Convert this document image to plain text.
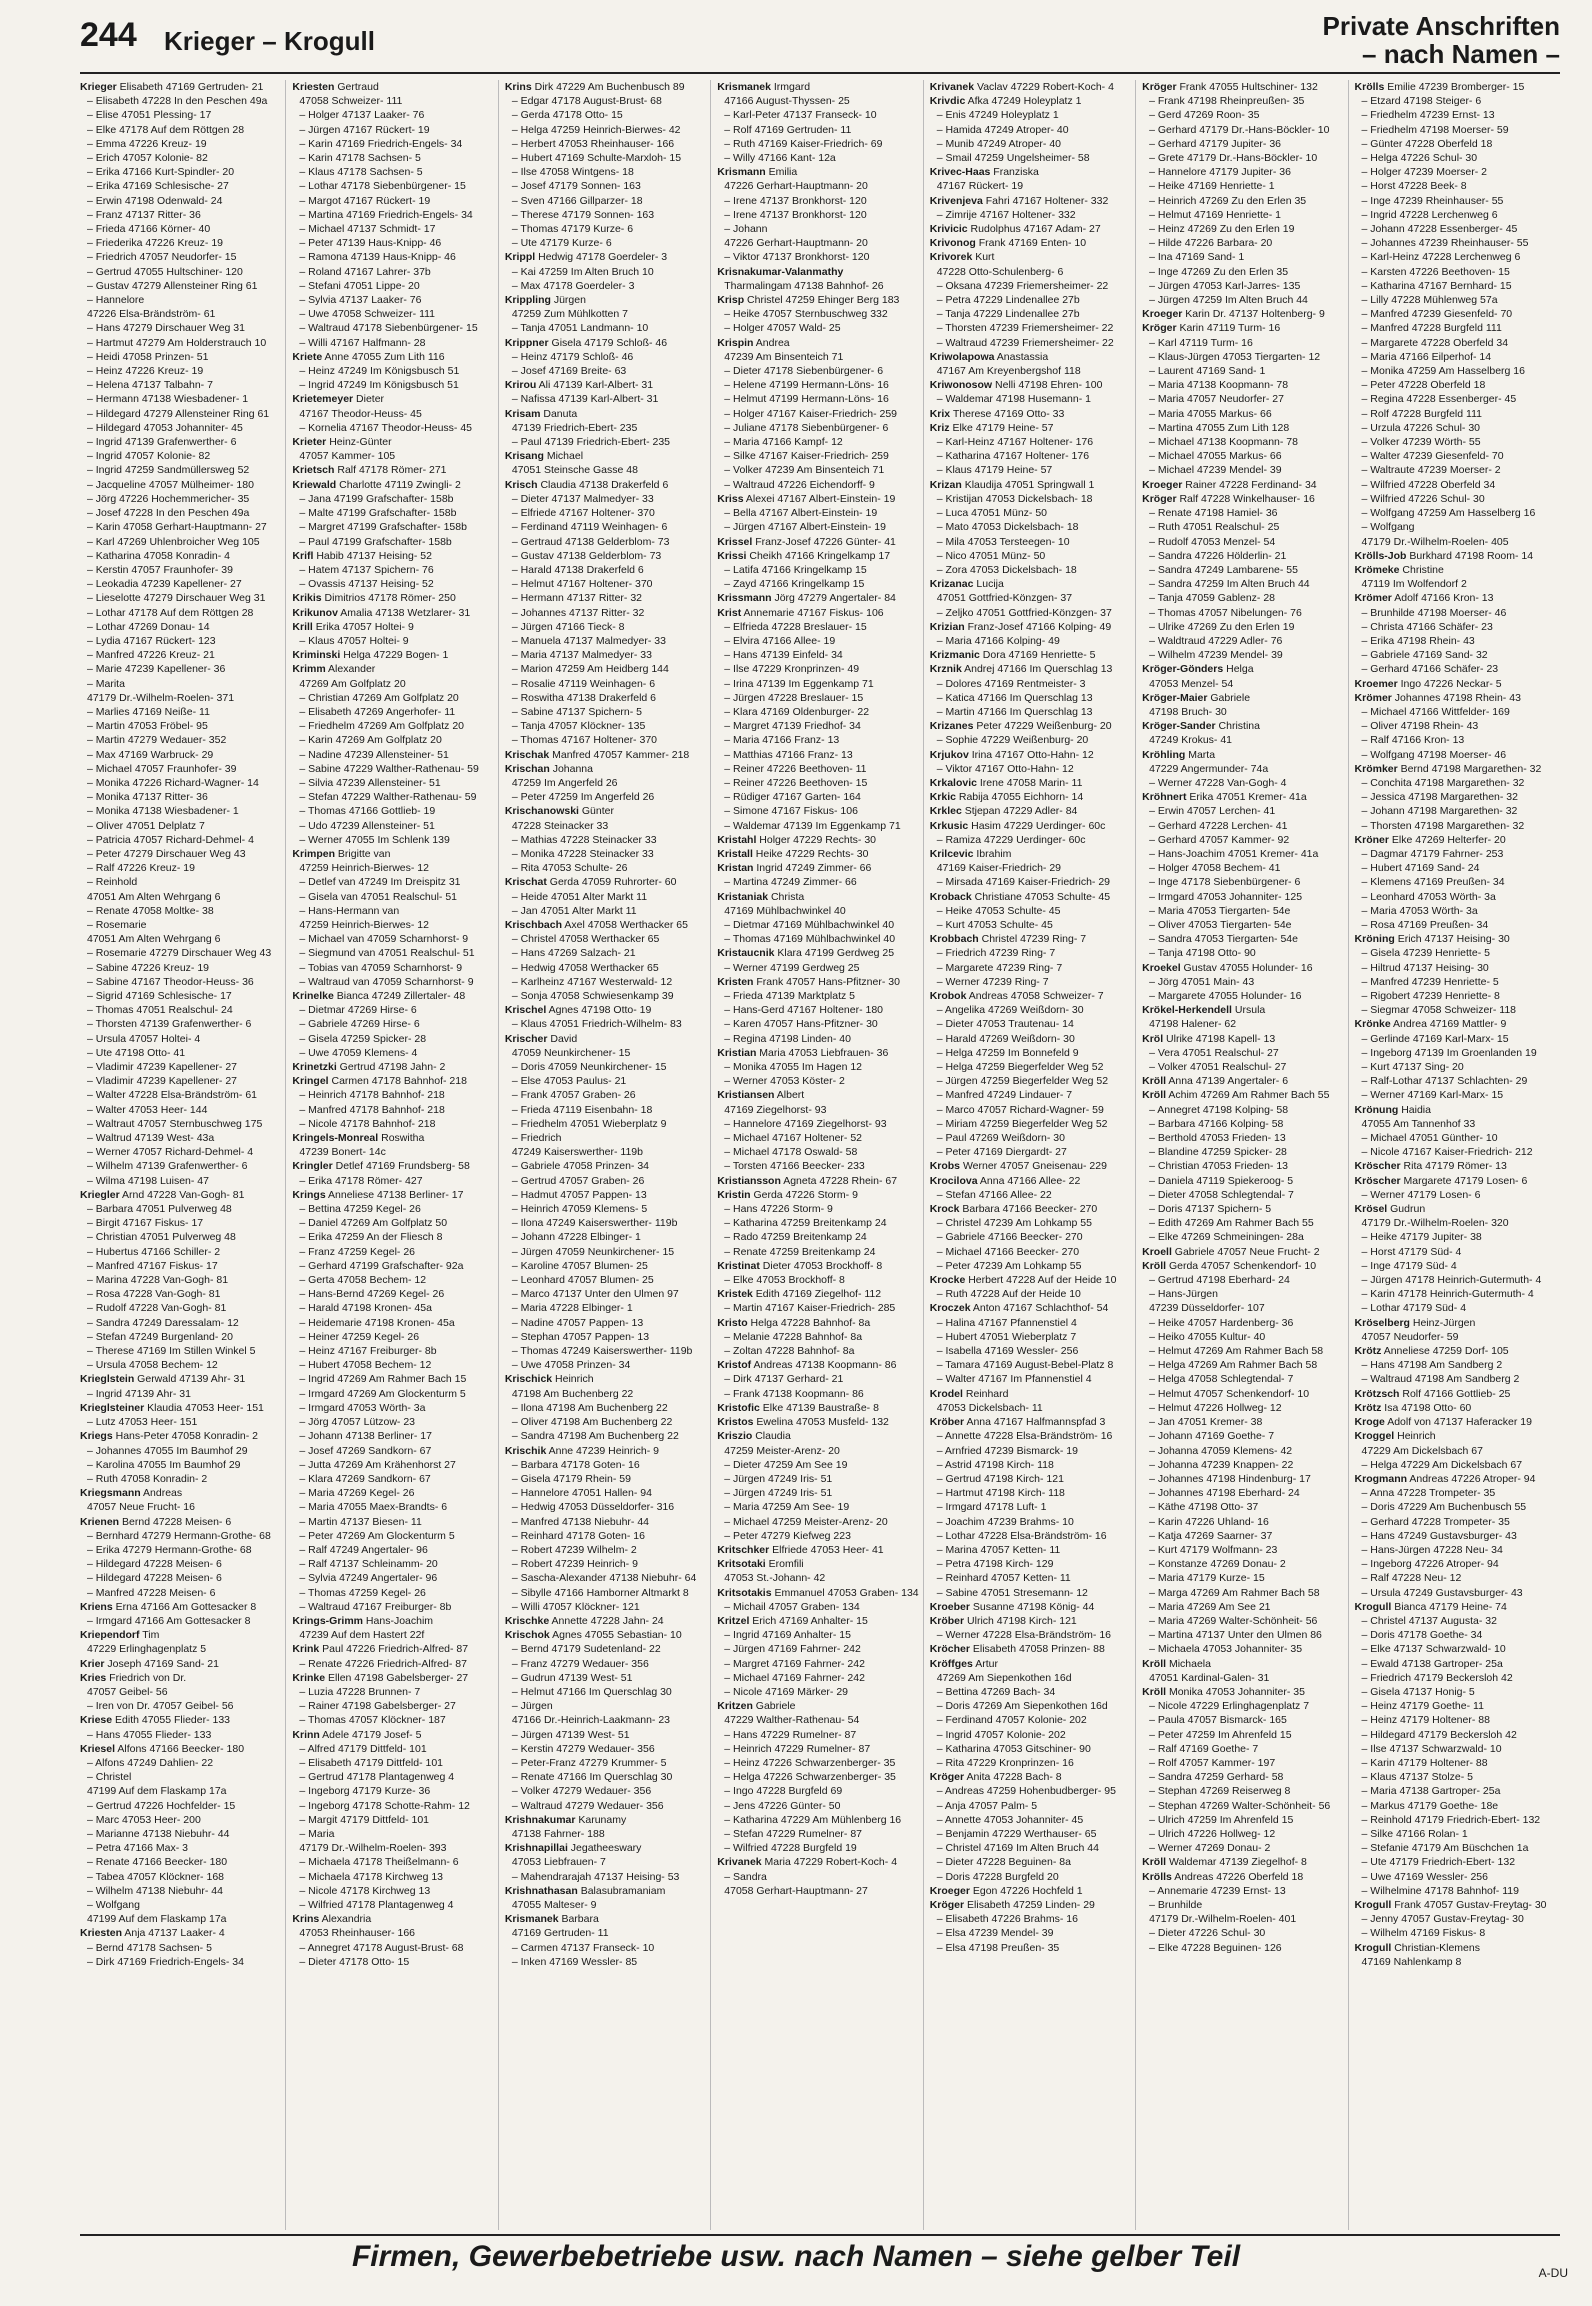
244 Krieger – Krogull	Private Anschriften
– nach Namen –
Krieger Elisabeth 47169 Gertruden- 21
– Elisabeth 47228 In den Peschen 49a
– Elise 47051 Plessing- 17
– Elke 47178 Auf dem Röttgen 28
– Emma 47226 Kreuz- 19
– Erich 47057 Kolonie- 82
– Erika 47166 Kurt-Spindler- 20
– Erika 47169 Schlesische- 27
– Erwin 47198 Odenwald- 24
– Franz 47137 Ritter- 36
– Frieda 47166 Körner- 40
– Friederika 47226 Kreuz- 19
– Friedrich 47057 Neudorfer- 15
– Gertrud 47055 Hultschiner- 120
– Gustav 47279 Allensteiner Ring 61
– Hannelore
47226 Elsa-Brändström- 61
– Hans 47279 Dirschauer Weg 31
– Hartmut 47279 Am Holderstrauch 10
– Heidi 47058 Prinzen- 51
– Heinz 47226 Kreuz- 19
– Helena 47137 Talbahn- 7
– Hermann 47138 Wiesbadener- 1
– Hildegard 47279 Allensteiner Ring 61
– Hildegard 47053 Johanniter- 45
– Ingrid 47139 Grafenwerther- 6
– Ingrid 47057 Kolonie- 82
– Ingrid 47259 Sandmüllersweg 52
– Jacqueline 47057 Mülheimer- 180
– Jörg 47226 Hochemmericher- 35
– Josef 47228 In den Peschen 49a
– Karin 47058 Gerhart-Hauptmann- 27
– Karl 47269 Uhlenbroicher Weg 105
– Katharina 47058 Konradin- 4
– Kerstin 47057 Fraunhofer- 39
– Leokadia 47239 Kapellener- 27
– Lieselotte 47279 Dirschauer Weg 31
– Lothar 47178 Auf dem Röttgen 28
– Lothar 47269 Donau- 14
– Lydia 47167 Rückert- 123
– Manfred 47226 Kreuz- 21
– Marie 47239 Kapellener- 36
– Marita
47179 Dr.-Wilhelm-Roelen- 371
– Marlies 47169 Neiße- 11
– Martin 47053 Fröbel- 95
– Martin 47279 Wedauer- 352
– Max 47169 Warbruck- 29
– Michael 47057 Fraunhofer- 39
– Monika 47226 Richard-Wagner- 14
– Monika 47137 Ritter- 36
– Monika 47138 Wiesbadener- 1
– Oliver 47051 Delplatz 7
– Patricia 47057 Richard-Dehmel- 4
– Peter 47279 Dirschauer Weg 43
– Ralf 47226 Kreuz- 19
– Reinhold
47051 Am Alten Wehrgang 6
– Renate 47058 Moltke- 38
– Rosemarie
47051 Am Alten Wehrgang 6
– Rosemarie 47279 Dirschauer Weg 43
– Sabine 47226 Kreuz- 19
– Sabine 47167 Theodor-Heuss- 36
– Sigrid 47169 Schlesische- 17
– Thomas 47051 Realschul- 24
– Thorsten 47139 Grafenwerther- 6
– Ursula 47057 Holtei- 4
– Ute 47198 Otto- 41
– Vladimir 47239 Kapellener- 27
– Vladimir 47239 Kapellener- 27
– Walter 47228 Elsa-Brändström- 61
– Walter 47053 Heer- 144
– Waltraut 47057 Sternbuschweg 175
– Waltrud 47139 West- 43a
– Werner 47057 Richard-Dehmel- 4
– Wilhelm 47139 Grafenwerther- 6
– Wilma 47198 Luisen- 47
Kriegler Arnd 47228 Van-Gogh- 81
– Barbara 47051 Pulverweg 48
– Birgit 47167 Fiskus- 17
– Christian 47051 Pulverweg 48
– Hubertus 47166 Schiller- 2
– Manfred 47167 Fiskus- 17
– Marina 47228 Van-Gogh- 81
– Rosa 47228 Van-Gogh- 81
– Rudolf 47228 Van-Gogh- 81
– Sandra 47249 Daressalam- 12
– Stefan 47249 Burgenland- 20
– Therese 47169 Im Stillen Winkel 5
– Ursula 47058 Bechem- 12
Krieglstein Gerwald 47139 Ahr- 31
– Ingrid 47139 Ahr- 31
Krieglsteiner Klaudia 47053 Heer- 151
– Lutz 47053 Heer- 151
Kriegs Hans-Peter 47058 Konradin- 2
– Johannes 47055 Im Baumhof 29
– Karolina 47055 Im Baumhof 29
– Ruth 47058 Konradin- 2
Kriegsmann Andreas
47057 Neue Frucht- 16
Krienen Bernd 47228 Meisen- 6
– Bernhard 47279 Hermann-Grothe- 68
– Erika 47279 Hermann-Grothe- 68
– Hildegard 47228 Meisen- 6
– Hildegard 47228 Meisen- 6
– Manfred 47228 Meisen- 6
Kriens Erna 47166 Am Gottesacker 8
– Irmgard 47166 Am Gottesacker 8
Kriependorf Tim
47229 Erlinghagenplatz 5
Krier Joseph 47169 Sand- 21
Kries Friedrich von Dr.
47057 Geibel- 56
– Iren von Dr. 47057 Geibel- 56
Kriese Edith 47055 Flieder- 133
– Hans 47055 Flieder- 133
Kriesel Alfons 47166 Beecker- 180
– Alfons 47249 Dahlien- 22
– Christel
47199 Auf dem Flaskamp 17a
– Gertrud 47226 Hochfelder- 15
– Marc 47053 Heer- 200
– Marianne 47138 Niebuhr- 44
– Petra 47166 Max- 3
– Renate 47166 Beecker- 180
– Tabea 47057 Klöckner- 168
– Wilhelm 47138 Niebuhr- 44
– Wolfgang
47199 Auf dem Flaskamp 17a
Kriesten Anja 47137 Laaker- 4
– Bernd 47178 Sachsen- 5
– Dirk 47169 Friedrich-Engels- 34
Kriesten Gertraud
47058 Schweizer- 111
– Holger 47137 Laaker- 76
– Jürgen 47167 Rückert- 19
– Karin 47169 Friedrich-Engels- 34
– Karin 47178 Sachsen- 5
– Klaus 47178 Sachsen- 5
– Lothar 47178 Siebenbürgener- 15
– Margot 47167 Rückert- 19
– Martina 47169 Friedrich-Engels- 34
– Michael 47137 Schmidt- 17
– Peter 47139 Haus-Knipp- 46
– Ramona 47139 Haus-Knipp- 46
– Roland 47167 Lahrer- 37b
– Stefani 47051 Lippe- 20
– Sylvia 47137 Laaker- 76
– Uwe 47058 Schweizer- 111
– Waltraud 47178 Siebenbürgener- 15
– Willi 47167 Halfmann- 28
Kriete Anne 47055 Zum Lith 116
– Heinz 47249 Im Königsbusch 51
– Ingrid 47249 Im Königsbusch 51
Krietemeyer Dieter
47167 Theodor-Heuss- 45
– Kornelia 47167 Theodor-Heuss- 45
Krieter Heinz-Günter
47057 Kammer- 105
Krietsch Ralf 47178 Römer- 271
Kriewald Charlotte 47119 Zwingli- 2
– Jana 47199 Grafschafter- 158b
– Malte 47199 Grafschafter- 158b
– Margret 47199 Grafschafter- 158b
– Paul 47199 Grafschafter- 158b
Krifl Habib 47137 Heising- 52
– Hatem 47137 Spichern- 76
– Ovassis 47137 Heising- 52
Krikis Dimitrios 47178 Römer- 250
Krikunov Amalia 47138 Wetzlarer- 31
Krill Erika 47057 Holtei- 9
– Klaus 47057 Holtei- 9
Kriminski Helga 47229 Bogen- 1
Krimm Alexander
47269 Am Golfplatz 20
– Christian 47269 Am Golfplatz 20
– Elisabeth 47269 Angerhofer- 11
– Friedhelm 47269 Am Golfplatz 20
– Karin 47269 Am Golfplatz 20
– Nadine 47239 Allensteiner- 51
– Sabine 47229 Walther-Rathenau- 59
– Silvia 47239 Allensteiner- 51
– Stefan 47229 Walther-Rathenau- 59
– Thomas 47166 Gottlieb- 19
– Udo 47239 Allensteiner- 51
– Werner 47055 Im Schlenk 139
Krimpen Brigitte van
47259 Heinrich-Bierwes- 12
– Detlef van 47249 Im Dreispitz 31
– Gisela van 47051 Realschul- 51
– Hans-Hermann van
47259 Heinrich-Bierwes- 12
– Michael van 47059 Scharnhorst- 9
– Siegmund van 47051 Realschul- 51
– Tobias van 47059 Scharnhorst- 9
– Waltraud van 47059 Scharnhorst- 9
Krinelke Bianca 47249 Zillertaler- 48
– Dietmar 47269 Hirse- 6
– Gabriele 47269 Hirse- 6
– Gisela 47259 Spicker- 28
– Uwe 47059 Klemens- 4
Krinetzki Gertrud 47198 Jahn- 2
Kringel Carmen 47178 Bahnhof- 218
– Heinrich 47178 Bahnhof- 218
– Manfred 47178 Bahnhof- 218
– Nicole 47178 Bahnhof- 218
Kringels-Monreal Roswitha
47239 Bonert- 14c
Kringler Detlef 47169 Frundsberg- 58
– Erika 47178 Römer- 427
Krings Anneliese 47138 Berliner- 17
– Bettina 47259 Kegel- 26
– Daniel 47269 Am Golfplatz 50
– Erika 47259 An der Fliesch 8
– Franz 47259 Kegel- 26
– Gerhard 47199 Grafschafter- 92a
– Gerta 47058 Bechem- 12
– Hans-Bernd 47269 Kegel- 26
– Harald 47198 Kronen- 45a
– Heidemarie 47198 Kronen- 45a
– Heiner 47259 Kegel- 26
– Heinz 47167 Freiburger- 8b
– Hubert 47058 Bechem- 12
– Ingrid 47269 Am Rahmer Bach 15
– Irmgard 47269 Am Glockenturm 5
– Irmgard 47053 Wörth- 3a
– Jörg 47057 Lützow- 23
– Johann 47138 Berliner- 17
– Josef 47269 Sandkorn- 67
– Jutta 47269 Am Krähenhorst 27
– Klara 47269 Sandkorn- 67
– Maria 47269 Kegel- 26
– Maria 47055 Maex-Brandts- 6
– Martin 47137 Biesen- 11
– Peter 47269 Am Glockenturm 5
– Ralf 47249 Angertaler- 96
– Ralf 47137 Schleinamm- 20
– Sylvia 47249 Angertaler- 96
– Thomas 47259 Kegel- 26
– Waltraud 47167 Freiburger- 8b
Krings-Grimm Hans-Joachim
47239 Auf dem Hastert 22f
Krink Paul 47226 Friedrich-Alfred- 87
– Renate 47226 Friedrich-Alfred- 87
Krinke Ellen 47198 Gabelsberger- 27
– Luzia 47228 Brunnen- 7
– Rainer 47198 Gabelsberger- 27
– Thomas 47057 Klöckner- 187
Krinn Adele 47179 Josef- 5
– Alfred 47179 Dittfeld- 101
– Elisabeth 47179 Dittfeld- 101
– Gertrud 47178 Plantagenweg 4
– Ingeborg 47179 Kurze- 36
– Ingeborg 47178 Schotte-Rahm- 12
– Margit 47179 Dittfeld- 101
– Maria
47179 Dr.-Wilhelm-Roelen- 393
– Michaela 47178 Theißelmann- 6
– Michaela 47178 Kirchweg 13
– Nicole 47178 Kirchweg 13
– Wilfried 47178 Plantagenweg 4
Krins Alexandria
47053 Rheinhauser- 166
– Annegret 47178 August-Brust- 68
– Dieter 47178 Otto- 15
Krins Dirk 47229 Am Buchenbusch 89
– Edgar 47178 August-Brust- 68
– Gerda 47178 Otto- 15
– Helga 47259 Heinrich-Bierwes- 42
– Herbert 47053 Rheinhauser- 166
– Hubert 47169 Schulte-Marxloh- 15
– Ilse 47058 Wintgens- 18
– Josef 47179 Sonnen- 163
– Sven 47166 Gillparzer- 18
– Therese 47179 Sonnen- 163
– Thomas 47179 Kurze- 6
– Ute 47179 Kurze- 6
Krippl Hedwig 47178 Goerdeler- 3
– Kai 47259 Im Alten Bruch 10
– Max 47178 Goerdeler- 3
Krippling Jürgen
47259 Zum Mühlkotten 7
– Tanja 47051 Landmann- 10
Krippner Gisela 47179 Schloß- 46
– Heinz 47179 Schloß- 46
– Josef 47169 Breite- 63
Krirou Ali 47139 Karl-Albert- 31
– Nafissa 47139 Karl-Albert- 31
Krisam Danuta
47139 Friedrich-Ebert- 235
– Paul 47139 Friedrich-Ebert- 235
Krisang Michael
47051 Steinsche Gasse 48
Krisch Claudia 47138 Drakerfeld 6
– Dieter 47137 Malmedyer- 33
– Elfriede 47167 Holtener- 370
– Ferdinand 47119 Weinhagen- 6
– Gertraud 47138 Gelderblom- 73
– Gustav 47138 Gelderblom- 73
– Harald 47138 Drakerfeld 6
– Helmut 47167 Holtener- 370
– Hermann 47137 Ritter- 32
– Johannes 47137 Ritter- 32
– Jürgen 47166 Tieck- 8
– Manuela 47137 Malmedyer- 33
– Maria 47137 Malmedyer- 33
– Marion 47259 Am Heidberg 144
– Rosalie 47119 Weinhagen- 6
– Roswitha 47138 Drakerfeld 6
– Sabine 47137 Spichern- 5
– Tanja 47057 Klöckner- 135
– Thomas 47167 Holtener- 370
Krischak Manfred 47057 Kammer- 218
Krischan Johanna
47259 Im Angerfeld 26
– Peter 47259 Im Angerfeld 26
Krischanowski Günter
47228 Steinacker 33
– Mathias 47228 Steinacker 33
– Monika 47228 Steinacker 33
– Rita 47053 Schulte- 26
Krischat Gerda 47059 Ruhrorter- 60
– Heide 47051 Alter Markt 11
– Jan 47051 Alter Markt 11
Krischbach Axel 47058 Werthacker 65
– Christel 47058 Werthacker 65
– Hans 47269 Salzach- 21
– Hedwig 47058 Werthacker 65
– Karlheinz 47167 Westerwald- 12
– Sonja 47058 Schwiesenkamp 39
Krischel Agnes 47198 Otto- 19
– Klaus 47051 Friedrich-Wilhelm- 83
Krischer David
47059 Neunkirchener- 15
– Doris 47059 Neunkirchener- 15
– Else 47053 Paulus- 21
– Frank 47057 Graben- 26
– Frieda 47119 Eisenbahn- 18
– Friedhelm 47051 Wieberplatz 9
– Friedrich
47249 Kaiserswerther- 119b
– Gabriele 47058 Prinzen- 34
– Gertrud 47057 Graben- 26
– Hadmut 47057 Pappen- 13
– Heinrich 47059 Klemens- 5
– Ilona 47249 Kaiserswerther- 119b
– Johann 47228 Elbinger- 1
– Jürgen 47059 Neunkirchener- 15
– Karoline 47057 Blumen- 25
– Leonhard 47057 Blumen- 25
– Marco 47137 Unter den Ulmen 97
– Maria 47228 Elbinger- 1
– Nadine 47057 Pappen- 13
– Stephan 47057 Pappen- 13
– Thomas 47249 Kaiserswerther- 119b
– Uwe 47058 Prinzen- 34
Krischick Heinrich
47198 Am Buchenberg 22
– Ilona 47198 Am Buchenberg 22
– Oliver 47198 Am Buchenberg 22
– Sandra 47198 Am Buchenberg 22
Krischik Anne 47239 Heinrich- 9
– Barbara 47178 Goten- 16
– Gisela 47179 Rhein- 59
– Hannelore 47051 Hallen- 94
– Hedwig 47053 Düsseldorfer- 316
– Manfred 47138 Niebuhr- 44
– Reinhard 47178 Goten- 16
– Robert 47239 Wilhelm- 2
– Robert 47239 Heinrich- 9
– Sascha-Alexander 47138 Niebuhr- 64
– Sibylle 47166 Hamborner Altmarkt 8
– Willi 47057 Klöckner- 121
Krischke Annette 47228 Jahn- 24
Krischok Agnes 47055 Sebastian- 10
– Bernd 47179 Sudetenland- 22
– Franz 47279 Wedauer- 356
– Gudrun 47139 West- 51
– Helmut 47166 Im Querschlag 30
– Jürgen
47166 Dr.-Heinrich-Laakmann- 23
– Jürgen 47139 West- 51
– Kerstin 47279 Wedauer- 356
– Peter-Franz 47279 Krummer- 5
– Renate 47166 Im Querschlag 30
– Volker 47279 Wedauer- 356
– Waltraud 47279 Wedauer- 356
Krishnakumar Karunamy
47138 Fahrner- 188
Krishnapillai Jegatheeswary
47053 Liebfrauen- 7
– Mahendrarajah 47137 Heising- 53
Krishnathasan Balasubramaniam
47055 Malteser- 9
Krismanek Barbara
47169 Gertruden- 11
– Carmen 47137 Franseck- 10
– Inken 47169 Wessler- 85
Krismanek Irmgard
47166 August-Thyssen- 25
– Karl-Peter 47137 Franseck- 10
– Rolf 47169 Gertruden- 11
– Ruth 47169 Kaiser-Friedrich- 69
– Willy 47166 Kant- 12a
Krismann Emilia
47226 Gerhart-Hauptmann- 20
– Irene 47137 Bronkhorst- 120
– Irene 47137 Bronkhorst- 120
– Johann
47226 Gerhart-Hauptmann- 20
– Viktor 47137 Bronkhorst- 120
Krisnakumar-Valanmathy
Tharmalingam 47138 Bahnhof- 26
Krisp Christel 47259 Ehinger Berg 183
– Heike 47057 Sternbuschweg 332
– Holger 47057 Wald- 25
Krispin Andrea
47239 Am Binsenteich 71
– Dieter 47178 Siebenbürgener- 6
– Helene 47199 Hermann-Löns- 16
– Helmut 47199 Hermann-Löns- 16
– Holger 47167 Kaiser-Friedrich- 259
– Juliane 47178 Siebenbürgener- 6
– Maria 47166 Kampf- 12
– Silke 47167 Kaiser-Friedrich- 259
– Volker 47239 Am Binsenteich 71
– Waltraud 47226 Eichendorff- 9
Kriss Alexei 47167 Albert-Einstein- 19
– Bella 47167 Albert-Einstein- 19
– Jürgen 47167 Albert-Einstein- 19
Krissel Franz-Josef 47226 Günter- 41
Krissi Cheikh 47166 Kringelkamp 17
– Latifa 47166 Kringelkamp 15
– Zayd 47166 Kringelkamp 15
Krissmann Jörg 47279 Angertaler- 84
Krist Annemarie 47167 Fiskus- 106
– Elfrieda 47228 Breslauer- 15
– Elvira 47166 Allee- 19
– Hans 47139 Einfeld- 34
– Ilse 47229 Kronprinzen- 49
– Irina 47139 Im Eggenkamp 71
– Jürgen 47228 Breslauer- 15
– Klara 47169 Oldenburger- 22
– Margret 47139 Friedhof- 34
– Maria 47166 Franz- 13
– Matthias 47166 Franz- 13
– Reiner 47226 Beethoven- 11
– Reiner 47226 Beethoven- 15
– Rüdiger 47167 Garten- 164
– Simone 47167 Fiskus- 106
– Waldemar 47139 Im Eggenkamp 71
Kristahl Holger 47229 Rechts- 30
Kristall Heike 47229 Rechts- 30
Kristan Ingrid 47249 Zimmer- 66
– Martina 47249 Zimmer- 66
Kristaniak Christa
47169 Mühlbachwinkel 40
– Dietmar 47169 Mühlbachwinkel 40
– Thomas 47169 Mühlbachwinkel 40
Kristaucnik Klara 47199 Gerdweg 25
– Werner 47199 Gerdweg 25
Kristen Frank 47057 Hans-Pfitzner- 30
– Frieda 47139 Marktplatz 5
– Hans-Gerd 47167 Holtener- 180
– Karen 47057 Hans-Pfitzner- 30
– Regina 47198 Linden- 40
Kristian Maria 47053 Liebfrauen- 36
– Monika 47055 Im Hagen 12
– Werner 47053 Köster- 2
Kristiansen Albert
47169 Ziegelhorst- 93
– Hannelore 47169 Ziegelhorst- 93
– Michael 47167 Holtener- 52
– Michael 47178 Oswald- 58
– Torsten 47166 Beecker- 233
Kristiansson Agneta 47228 Rhein- 67
Kristin Gerda 47226 Storm- 9
– Hans 47226 Storm- 9
– Katharina 47259 Breitenkamp 24
– Rado 47259 Breitenkamp 24
– Renate 47259 Breitenkamp 24
Kristinat Dieter 47053 Brockhoff- 8
– Elke 47053 Brockhoff- 8
Kristek Edith 47169 Ziegelhof- 112
– Martin 47167 Kaiser-Friedrich- 285
Kristo Helga 47228 Bahnhof- 8a
– Melanie 47228 Bahnhof- 8a
– Zoltan 47228 Bahnhof- 8a
Kristof Andreas 47138 Koopmann- 86
– Dirk 47137 Gerhard- 21
– Frank 47138 Koopmann- 86
Kristofic Elke 47139 Baustraße- 8
Kristos Ewelina 47053 Musfeld- 132
Kriszio Claudia
47259 Meister-Arenz- 20
– Dieter 47259 Am See 19
– Jürgen 47249 Iris- 51
– Jürgen 47249 Iris- 51
– Maria 47259 Am See- 19
– Michael 47259 Meister-Arenz- 20
– Peter 47279 Kiefweg 223
Kritschker Elfriede 47053 Heer- 41
Kritsotaki Eromfili
47053 St.-Johann- 42
Kritsotakis Emmanuel 47053 Graben- 134
– Michail 47057 Graben- 134
Kritzel Erich 47169 Anhalter- 15
– Ingrid 47169 Anhalter- 15
– Jürgen 47169 Fahrner- 242
– Margret 47169 Fahrner- 242
– Michael 47169 Fahrner- 242
– Nicole 47169 Märker- 29
Kritzen Gabriele
47229 Walther-Rathenau- 54
– Hans 47229 Rumelner- 87
– Heinrich 47229 Rumelner- 87
– Heinz 47226 Schwarzenberger- 35
– Helga 47226 Schwarzenberger- 35
– Ingo 47228 Burgfeld 69
– Jens 47226 Günter- 50
– Katharina 47229 Am Mühlenberg 16
– Stefan 47229 Rumelner- 87
– Wilfried 47228 Burgfeld 19
Krivanek Maria 47229 Robert-Koch- 4
– Sandra
47058 Gerhart-Hauptmann- 27
Krivanek Vaclav 47229 Robert-Koch- 4
Krivdic Afka 47249 Holeyplatz 1
– Enis 47249 Holeyplatz 1
– Hamida 47249 Atroper- 40
– Munib 47249 Atroper- 40
– Smail 47259 Ungelsheimer- 58
Krivec-Haas Franziska
47167 Rückert- 19
Krivenjeva Fahri 47167 Holtener- 332
– Zimrije 47167 Holtener- 332
Krivicic Rudolphus 47167 Adam- 27
Krivonog Frank 47169 Enten- 10
Krivorek Kurt
47228 Otto-Schulenberg- 6
– Oksana 47239 Friemersheimer- 22
– Petra 47229 Lindenallee 27b
– Tanja 47229 Lindenallee 27b
– Thorsten 47239 Friemersheimer- 22
– Waltraud 47239 Friemersheimer- 22
Kriwolapowa Anastassia
47167 Am Kreyenbergshof 118
Kriwonosow Nelli 47198 Ehren- 100
– Waldemar 47198 Husemann- 1
Krix Therese 47169 Otto- 33
Kriz Elke 47179 Heine- 57
– Karl-Heinz 47167 Holtener- 176
– Katharina 47167 Holtener- 176
– Klaus 47179 Heine- 57
Krizan Klaudija 47051 Springwall 1
– Kristijan 47053 Dickelsbach- 18
– Luca 47051 Münz- 50
– Mato 47053 Dickelsbach- 18
– Mila 47053 Tersteegen- 10
– Nico 47051 Münz- 50
– Zora 47053 Dickelsbach- 18
Krizanac Lucija
47051 Gottfried-Könzgen- 37
– Zeljko 47051 Gottfried-Könzgen- 37
Krizian Franz-Josef 47166 Kolping- 49
– Maria 47166 Kolping- 49
Krizmanic Dora 47169 Henriette- 5
Krznik Andrej 47166 Im Querschlag 13
– Dolores 47169 Rentmeister- 3
– Katica 47166 Im Querschlag 13
– Martin 47166 Im Querschlag 13
Krizanes Peter 47229 Weißenburg- 20
– Sophie 47229 Weißenburg- 20
Krjukov Irina 47167 Otto-Hahn- 12
– Viktor 47167 Otto-Hahn- 12
Krkalovic Irene 47058 Marin- 11
Krkic Rabija 47055 Eichhorn- 14
Krklec Stjepan 47229 Adler- 84
Krkusic Hasim 47229 Uerdinger- 60c
– Ramiza 47229 Uerdinger- 60c
Krilcevic Ibrahim
47169 Kaiser-Friedrich- 29
– Mirsada 47169 Kaiser-Friedrich- 29
Kroback Christiane 47053 Schulte- 45
– Heike 47053 Schulte- 45
– Kurt 47053 Schulte- 45
Krobbach Christel 47239 Ring- 7
– Friedrich 47239 Ring- 7
– Margarete 47239 Ring- 7
– Werner 47239 Ring- 7
Krobok Andreas 47058 Schweizer- 7
– Angelika 47269 Weißdorn- 30
– Dieter 47053 Trautenau- 14
– Harald 47269 Weißdorn- 30
– Helga 47259 Im Bonnefeld 9
– Helga 47259 Biegerfelder Weg 52
– Jürgen 47259 Biegerfelder Weg 52
– Manfred 47249 Lindauer- 7
– Marco 47057 Richard-Wagner- 59
– Miriam 47259 Biegerfelder Weg 52
– Paul 47269 Weißdorn- 30
– Peter 47169 Diergardt- 27
Krobs Werner 47057 Gneisenau- 229
Krocilova Anna 47166 Allee- 22
– Stefan 47166 Allee- 22
Krock Barbara 47166 Beecker- 270
– Christel 47239 Am Lohkamp 55
– Gabriele 47166 Beecker- 270
– Michael 47166 Beecker- 270
– Peter 47239 Am Lohkamp 55
Krocke Herbert 47228 Auf der Heide 10
– Ruth 47228 Auf der Heide 10
Kroczek Anton 47167 Schlachthof- 54
– Halina 47167 Pfannenstiel 4
– Hubert 47051 Wieberplatz 7
– Isabella 47169 Wessler- 256
– Tamara 47169 August-Bebel-Platz 8
– Walter 47167 Im Pfannenstiel 4
Krodel Reinhard
47053 Dickelsbach- 11
Kröber Anna 47167 Halfmannspfad 3
– Annette 47228 Elsa-Brändström- 16
– Arnfried 47239 Bismarck- 19
– Astrid 47198 Kirch- 118
– Gertrud 47198 Kirch- 121
– Hartmut 47198 Kirch- 118
– Irmgard 47178 Luft- 1
– Joachim 47239 Brahms- 10
– Lothar 47228 Elsa-Brändström- 16
– Marina 47057 Ketten- 11
– Petra 47198 Kirch- 129
– Reinhard 47057 Ketten- 11
– Sabine 47051 Stresemann- 12
Kroeber Susanne 47198 König- 44
Kröber Ulrich 47198 Kirch- 121
– Werner 47228 Elsa-Brändström- 16
Kröcher Elisabeth 47058 Prinzen- 88
Kröffges Artur
47269 Am Siepenkothen 16d
– Bettina 47269 Bach- 34
– Doris 47269 Am Siepenkothen 16d
– Ferdinand 47057 Kolonie- 202
– Ingrid 47057 Kolonie- 202
– Katharina 47053 Gitschiner- 90
– Rita 47229 Kronprinzen- 16
Kröger Anita 47228 Bach- 8
– Andreas 47259 Hohenbudberger- 95
– Anja 47057 Palm- 5
– Annette 47053 Johanniter- 45
– Benjamin 47229 Werthauser- 65
– Christel 47169 Im Alten Bruch 44
– Dieter 47228 Beguinen- 8a
– Doris 47228 Burgfeld 20
Kroeger Egon 47226 Hochfeld 1
Kröger Elisabeth 47259 Linden- 29
– Elisabeth 47226 Brahms- 16
– Elsa 47239 Mendel- 39
– Elsa 47198 Preußen- 35
Kröger Frank 47055 Hultschiner- 132
– Frank 47198 Rheinpreußen- 35
– Gerd 47269 Roon- 35
– Gerhard 47179 Dr.-Hans-Böckler- 10
– Gerhard 47179 Jupiter- 36
– Grete 47179 Dr.-Hans-Böckler- 10
– Hannelore 47179 Jupiter- 36
– Heike 47169 Henriette- 1
– Heinrich 47269 Zu den Erlen 35
– Helmut 47169 Henriette- 1
– Heinz 47269 Zu den Erlen 19
– Hilde 47226 Barbara- 20
– Ina 47169 Sand- 1
– Inge 47269 Zu den Erlen 35
– Jürgen 47053 Karl-Jarres- 135
– Jürgen 47259 Im Alten Bruch 44
Kroeger Karin Dr. 47137 Holtenberg- 9
Kröger Karin 47119 Turm- 16
– Karl 47119 Turm- 16
– Klaus-Jürgen 47053 Tiergarten- 12
– Laurent 47169 Sand- 1
– Maria 47138 Koopmann- 78
– Maria 47057 Neudorfer- 27
– Maria 47055 Markus- 66
– Martina 47055 Zum Lith 128
– Michael 47138 Koopmann- 78
– Michael 47055 Markus- 66
– Michael 47239 Mendel- 39
Kroeger Rainer 47228 Ferdinand- 34
Kröger Ralf 47228 Winkelhauser- 16
– Renate 47198 Hamiel- 36
– Ruth 47051 Realschul- 25
– Rudolf 47053 Menzel- 54
– Sandra 47226 Hölderlin- 21
– Sandra 47249 Lambarene- 55
– Sandra 47259 Im Alten Bruch 44
– Tanja 47059 Gablenz- 28
– Thomas 47057 Nibelungen- 76
– Ulrike 47269 Zu den Erlen 19
– Waldtraud 47229 Adler- 76
– Wilhelm 47239 Mendel- 39
Kröger-Gönders Helga
47053 Menzel- 54
Kröger-Maier Gabriele
47198 Bruch- 30
Kröger-Sander Christina
47249 Krokus- 41
Kröhling Marta
47229 Angermunder- 74a
– Werner 47228 Van-Gogh- 4
Kröhnert Erika 47051 Kremer- 41a
– Erwin 47057 Lerchen- 41
– Gerhard 47228 Lerchen- 41
– Gerhard 47057 Kammer- 92
– Hans-Joachim 47051 Kremer- 41a
– Holger 47058 Bechem- 41
– Inge 47178 Siebenbürgener- 6
– Irmgard 47053 Johanniter- 125
– Maria 47053 Tiergarten- 54e
– Oliver 47053 Tiergarten- 54e
– Sandra 47053 Tiergarten- 54e
– Tanja 47198 Otto- 90
Kroekel Gustav 47055 Holunder- 16
– Jörg 47051 Main- 43
– Margarete 47055 Holunder- 16
Krökel-Herkendell Ursula
47198 Halener- 62
Kröl Ulrike 47198 Kapell- 13
– Vera 47051 Realschul- 27
– Volker 47051 Realschul- 27
Kröll Anna 47139 Angertaler- 6
Kröll Achim 47269 Am Rahmer Bach 55
– Annegret 47198 Kolping- 58
– Barbara 47166 Kolping- 58
– Berthold 47053 Frieden- 13
– Blandine 47259 Spicker- 28
– Christian 47053 Frieden- 13
– Daniela 47119 Spiekeroog- 5
– Dieter 47058 Schlegtendal- 7
– Doris 47137 Spichern- 5
– Edith 47269 Am Rahmer Bach 55
– Elke 47269 Schmeiningen- 28a
Kroell Gabriele 47057 Neue Frucht- 2
Kröll Gerda 47057 Schenkendorf- 10
– Gertrud 47198 Eberhard- 24
– Hans-Jürgen
47239 Düsseldorfer- 107
– Heike 47057 Hardenberg- 36
– Heiko 47055 Kultur- 40
– Helmut 47269 Am Rahmer Bach 58
– Helga 47269 Am Rahmer Bach 58
– Helga 47058 Schlegtendal- 7
– Helmut 47057 Schenkendorf- 10
– Helmut 47226 Hollweg- 12
– Jan 47051 Kremer- 38
– Johann 47169 Goethe- 7
– Johanna 47059 Klemens- 42
– Johanna 47239 Knappen- 22
– Johannes 47198 Hindenburg- 17
– Johannes 47198 Eberhard- 24
– Käthe 47198 Otto- 37
– Karin 47226 Uhland- 16
– Katja 47269 Saarner- 37
– Kurt 47179 Wolfmann- 23
– Konstanze 47269 Donau- 2
– Maria 47179 Kurze- 15
– Marga 47269 Am Rahmer Bach 58
– Maria 47269 Am See 21
– Maria 47269 Walter-Schönheit- 56
– Martina 47137 Unter den Ulmen 86
– Michaela 47053 Johanniter- 35
Kröll Michaela
47051 Kardinal-Galen- 31
Kröll Monika 47053 Johanniter- 35
– Nicole 47229 Erlinghagenplatz 7
– Paula 47057 Bismarck- 165
– Peter 47259 Im Ahrenfeld 15
– Ralf 47169 Goethe- 7
– Rolf 47057 Kammer- 197
– Sandra 47259 Gerhard- 58
– Stephan 47269 Reiserweg 8
– Stephan 47269 Walter-Schönheit- 56
– Ulrich 47259 Im Ahrenfeld 15
– Ulrich 47226 Hollweg- 12
– Werner 47269 Donau- 2
Kröll Waldemar 47139 Ziegelhof- 8
Krölls Andreas 47226 Oberfeld 18
– Annemarie 47239 Ernst- 13
– Brunhilde
47179 Dr.-Wilhelm-Roelen- 401
– Dieter 47226 Schul- 30
– Elke 47228 Beguinen- 126
Krölls Emilie 47239 Bromberger- 15
– Etzard 47198 Steiger- 6
– Friedhelm 47239 Ernst- 13
– Friedhelm 47198 Moerser- 59
– Günter 47228 Oberfeld 18
– Helga 47226 Schul- 30
– Holger 47239 Moerser- 2
– Horst 47228 Beek- 8
– Inge 47239 Rheinhauser- 55
– Ingrid 47228 Lerchenweg 6
– Johann 47228 Essenberger- 45
– Johannes 47239 Rheinhauser- 55
– Karl-Heinz 47228 Lerchenweg 6
– Karsten 47226 Beethoven- 15
– Katharina 47167 Bernhard- 15
– Lilly 47228 Mühlenweg 57a
– Manfred 47239 Giesenfeld- 70
– Manfred 47228 Burgfeld 111
– Margarete 47228 Oberfeld 34
– Maria 47166 Eilperhof- 14
– Monika 47259 Am Hasselberg 16
– Peter 47228 Oberfeld 18
– Regina 47228 Essenberger- 45
– Rolf 47228 Burgfeld 111
– Urzula 47226 Schul- 30
– Volker 47239 Wörth- 55
– Walter 47239 Giesenfeld- 70
– Waltraute 47239 Moerser- 2
– Wilfried 47228 Oberfeld 34
– Wilfried 47226 Schul- 30
– Wolfgang 47259 Am Hasselberg 16
– Wolfgang
47179 Dr.-Wilhelm-Roelen- 405
Krölls-Job Burkhard 47198 Room- 14
Krömeke Christine
47119 Im Wolfendorf 2
Krömer Adolf 47166 Kron- 13
– Brunhilde 47198 Moerser- 46
– Christa 47166 Schäfer- 23
– Erika 47198 Rhein- 43
– Gabriele 47169 Sand- 32
– Gerhard 47166 Schäfer- 23
Kroemer Ingo 47226 Neckar- 5
Krömer Johannes 47198 Rhein- 43
– Michael 47166 Wittfelder- 169
– Oliver 47198 Rhein- 43
– Ralf 47166 Kron- 13
– Wolfgang 47198 Moerser- 46
Krömker Bernd 47198 Margarethen- 32
– Conchita 47198 Margarethen- 32
– Jessica 47198 Margarethen- 32
– Johann 47198 Margarethen- 32
– Thorsten 47198 Margarethen- 32
Kröner Elke 47269 Helterfer- 20
– Dagmar 47179 Fahrner- 253
– Hubert 47169 Sand- 24
– Klemens 47169 Preußen- 34
– Leonhard 47053 Wörth- 3a
– Maria 47053 Wörth- 3a
– Rosa 47169 Preußen- 34
Kröning Erich 47137 Heising- 30
– Gisela 47239 Henriette- 5
– Hiltrud 47137 Heising- 30
– Manfred 47239 Henriette- 5
– Rigobert 47239 Henriette- 8
– Siegmar 47058 Schweizer- 118
Krönke Andrea 47169 Mattler- 9
– Gerlinde 47169 Karl-Marx- 15
– Ingeborg 47139 Im Groenlanden 19
– Kurt 47137 Sing- 20
– Ralf-Lothar 47137 Schlachten- 29
– Werner 47169 Karl-Marx- 15
Krönung Haidia
47055 Am Tannenhof 33
– Michael 47051 Günther- 10
– Nicole 47167 Kaiser-Friedrich- 212
Kröscher Rita 47179 Römer- 13
Kröscher Margarete 47179 Losen- 6
– Werner 47179 Losen- 6
Krösel Gudrun
47179 Dr.-Wilhelm-Roelen- 320
– Heike 47179 Jupiter- 38
– Horst 47179 Süd- 4
– Inge 47179 Süd- 4
– Jürgen 47178 Heinrich-Gutermuth- 4
– Karin 47178 Heinrich-Gutermuth- 4
– Lothar 47179 Süd- 4
Kröselberg Heinz-Jürgen
47057 Neudorfer- 59
Krötz Anneliese 47259 Dorf- 105
– Hans 47198 Am Sandberg 2
– Waltraud 47198 Am Sandberg 2
Krötzsch Rolf 47166 Gottlieb- 25
Krötz Isa 47198 Otto- 60
Kroge Adolf von 47137 Haferacker 19
Kroggel Heinrich
47229 Am Dickelsbach 67
– Helga 47229 Am Dickelsbach 67
Krogmann Andreas 47226 Atroper- 94
– Anna 47228 Trompeter- 35
– Doris 47229 Am Buchenbusch 55
– Gerhard 47228 Trompeter- 35
– Hans 47249 Gustavsburger- 43
– Hans-Jürgen 47228 Neu- 34
– Ingeborg 47226 Atroper- 94
– Ralf 47228 Neu- 12
– Ursula 47249 Gustavsburger- 43
Krogull Bianca 47179 Heine- 74
– Christel 47137 Augusta- 32
– Doris 47178 Goethe- 34
– Elke 47137 Schwarzwald- 10
– Ewald 47138 Gartroper- 25a
– Friedrich 47179 Beckersloh 42
– Gisela 47137 Honig- 5
– Heinz 47179 Goethe- 11
– Heinz 47179 Holtener- 88
– Hildegard 47179 Beckersloh 42
– Ilse 47137 Schwarzwald- 10
– Karin 47179 Holtener- 88
– Klaus 47137 Stolze- 5
– Maria 47138 Gartroper- 25a
– Markus 47179 Goethe- 18e
– Reinhold 47179 Friedrich-Ebert- 132
– Silke 47166 Rolan- 1
– Stefanie 47179 Am Büschchen 1a
– Ute 47179 Friedrich-Ebert- 132
– Uwe 47169 Wessler- 256
– Wilhelmine 47178 Bahnhof- 119
Krogull Frank 47057 Gustav-Freytag- 30
– Jenny 47057 Gustav-Freytag- 30
– Wilhelm 47169 Fiskus- 8
Krogull Christian-Klemens
47169 Nahlenkamp 8
Firmen, Gewerbebetriebe usw. nach Namen – siehe gelber Teil	A-DU
